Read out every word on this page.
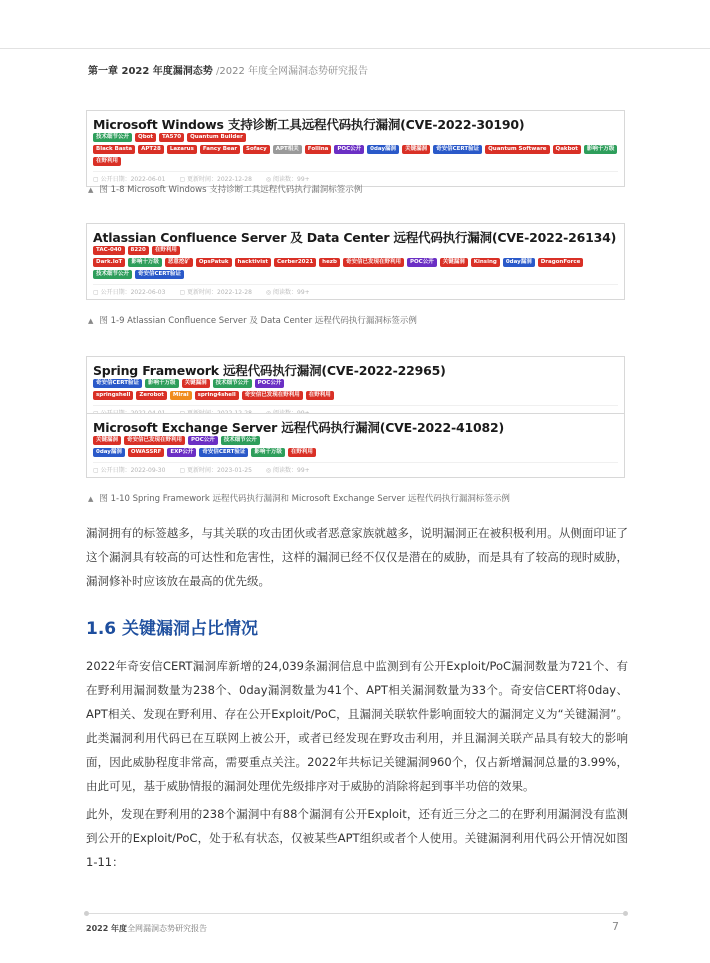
第一章 2022 年度漏洞态势 /2022 年度全网漏洞态势研究报告
Microsoft Windows 支持诊断工具远程代码执行漏洞(CVE-2022-30190)
技术细节公开	Qbot	TA570	Quantum Builder
Black Basta	APT28	Lazarus	Fancy Bear	Sofacy	APT相关	Follina	POC公开	0day漏洞	关键漏洞	奇安信CERT验证	Quantum Software	Qakbot	影响千万级
在野利用
▢ 公开日期：2022-06-01 ▢ 更新时间：2022-12-28 ◎ 阅读数：99+
▲ 图 1-8 Microsoft Windows 支持诊断工具远程代码执行漏洞标签示例
Atlassian Confluence Server 及 Data Center 远程代码执行漏洞(CVE-2022-26134)
TAC-040	8220	在野利用
Dark.IoT	影响十万级	恶意挖矿	OpsPatuk	hacktivist	Cerber2021	hezb	奇安信已发现在野利用	POC公开	关键漏洞	Kinsing	0day漏洞	DragonForce
技术细节公开	奇安信CERT验证
▢ 公开日期：2022-06-03 ▢ 更新时间：2022-12-28 ◎ 阅读数：99+
▲ 图 1-9 Atlassian Confluence Server 及 Data Center 远程代码执行漏洞标签示例
Spring Framework 远程代码执行漏洞(CVE-2022-22965)
奇安信CERT验证	影响千万级	关键漏洞	技术细节公开	POC公开
springshell	Zerobot	Mirai	spring4shell	奇安信已发现在野利用	在野利用
Microsoft Exchange Server 远程代码执行漏洞(CVE-2022-41082)
关键漏洞	奇安信已发现在野利用	POC公开	技术细节公开
0day漏洞	OWASSRF	EXP公开	奇安信CERT验证	影响千万级	在野利用
▢ 公开日期：2022-09-30 ▢ 更新时间：2023-01-25 ◎ 阅读数：99+
▲ 图 1-10 Spring Framework 远程代码执行漏洞和 Microsoft Exchange Server 远程代码执行漏洞标签示例
漏洞拥有的标签越多，与其关联的攻击团伙或者恶意家族就越多，说明漏洞正在被积极利用。从侧面印证了这个漏洞具有较高的可达性和危害性，这样的漏洞已经不仅仅是潜在的威胁，而是具有了较高的现时威胁，漏洞修补时应该放在最高的优先级。
1.6 关键漏洞占比情况
2022年奇安信CERT漏洞库新增的24,039条漏洞信息中监测到有公开Exploit/PoC漏洞数量为721个、有在野利用漏洞数量为238个、0day漏洞数量为41个、APT相关漏洞数量为33个。奇安信CERT将0day、APT相关、发现在野利用、存在公开Exploit/PoC，且漏洞关联软件影响面较大的漏洞定义为“关键漏洞”。此类漏洞利用代码已在互联网上被公开，或者已经发现在野攻击利用，并且漏洞关联产品具有较大的影响面，因此威胁程度非常高，需要重点关注。2022年共标记关键漏洞960个，仅占新增漏洞总量的3.99%，由此可见，基于威胁情报的漏洞处理优先级排序对于威胁的消除将起到事半功倍的效果。
此外，发现在野利用的238个漏洞中有88个漏洞有公开Exploit，还有近三分之二的在野利用漏洞没有监测到公开的Exploit/PoC，处于私有状态，仅被某些APT组织或者个人使用。关键漏洞利用代码公开情况如图1-11：
2022 年度全网漏洞态势研究报告	7
